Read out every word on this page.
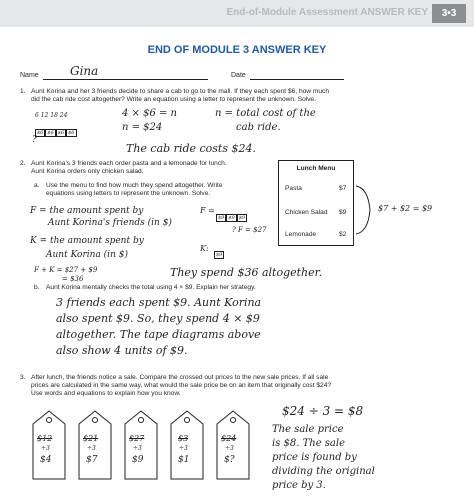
End-of-Module Assessment ANSWER KEY	3•3
END OF MODULE 3 ANSWER KEY
Name	Gina	Date
1. Aunt Korina and her 3 friends decide to share a cab to go to the mall. If they each spent $6, how much
did the cab ride cost altogether? Write an equation using a letter to represent the unknown. Solve.
6 12 18 24
$6 $6 $6 $6
?
4 × $6 = n
n = $24
n = total cost of the
cab ride.
The cab ride costs $24.
2. Aunt Korina’s 3 friends each order pasta and a lemonade for lunch.
Aunt Korina orders only chicken salad.
a. Use the menu to find how much they spend altogether. Write
equations using letters to represent the unknown. Solve.
Lunch Menu
Pasta	$7
Chicken Salad $9
Lemonade	$2
$7 + $2 = $9
F = the amount spent by
Aunt Korina's friends (in $)
F =
$9 $9 $9
? F = $27
K = the amount spent by
Aunt Korina (in $)
K:
$9
F + K = $27 + $9
= $36	They spend $36 altogether.
b. Aunt Korina mentally checks the total using 4 × $9. Explain her strategy.
3 friends each spent $9. Aunt Korina
also spent $9. So, they spend 4 × $9
altogether. The tape diagrams above
also show 4 units of $9.
3. After lunch, the friends notice a sale. Compare the crossed out prices to the new sale prices. If all sale
prices are calculated in the same way, what would the sale price be on an item that originally cost $24?
Use words and equations to explain how you know.
$12
÷3
$4
$21
÷3
$7
$27
÷3
$9
$3
÷3
$1
$24
÷3
$?
$24 ÷ 3 = $8
The sale price
is $8. The sale
price is found by
dividing the original
price by 3.
